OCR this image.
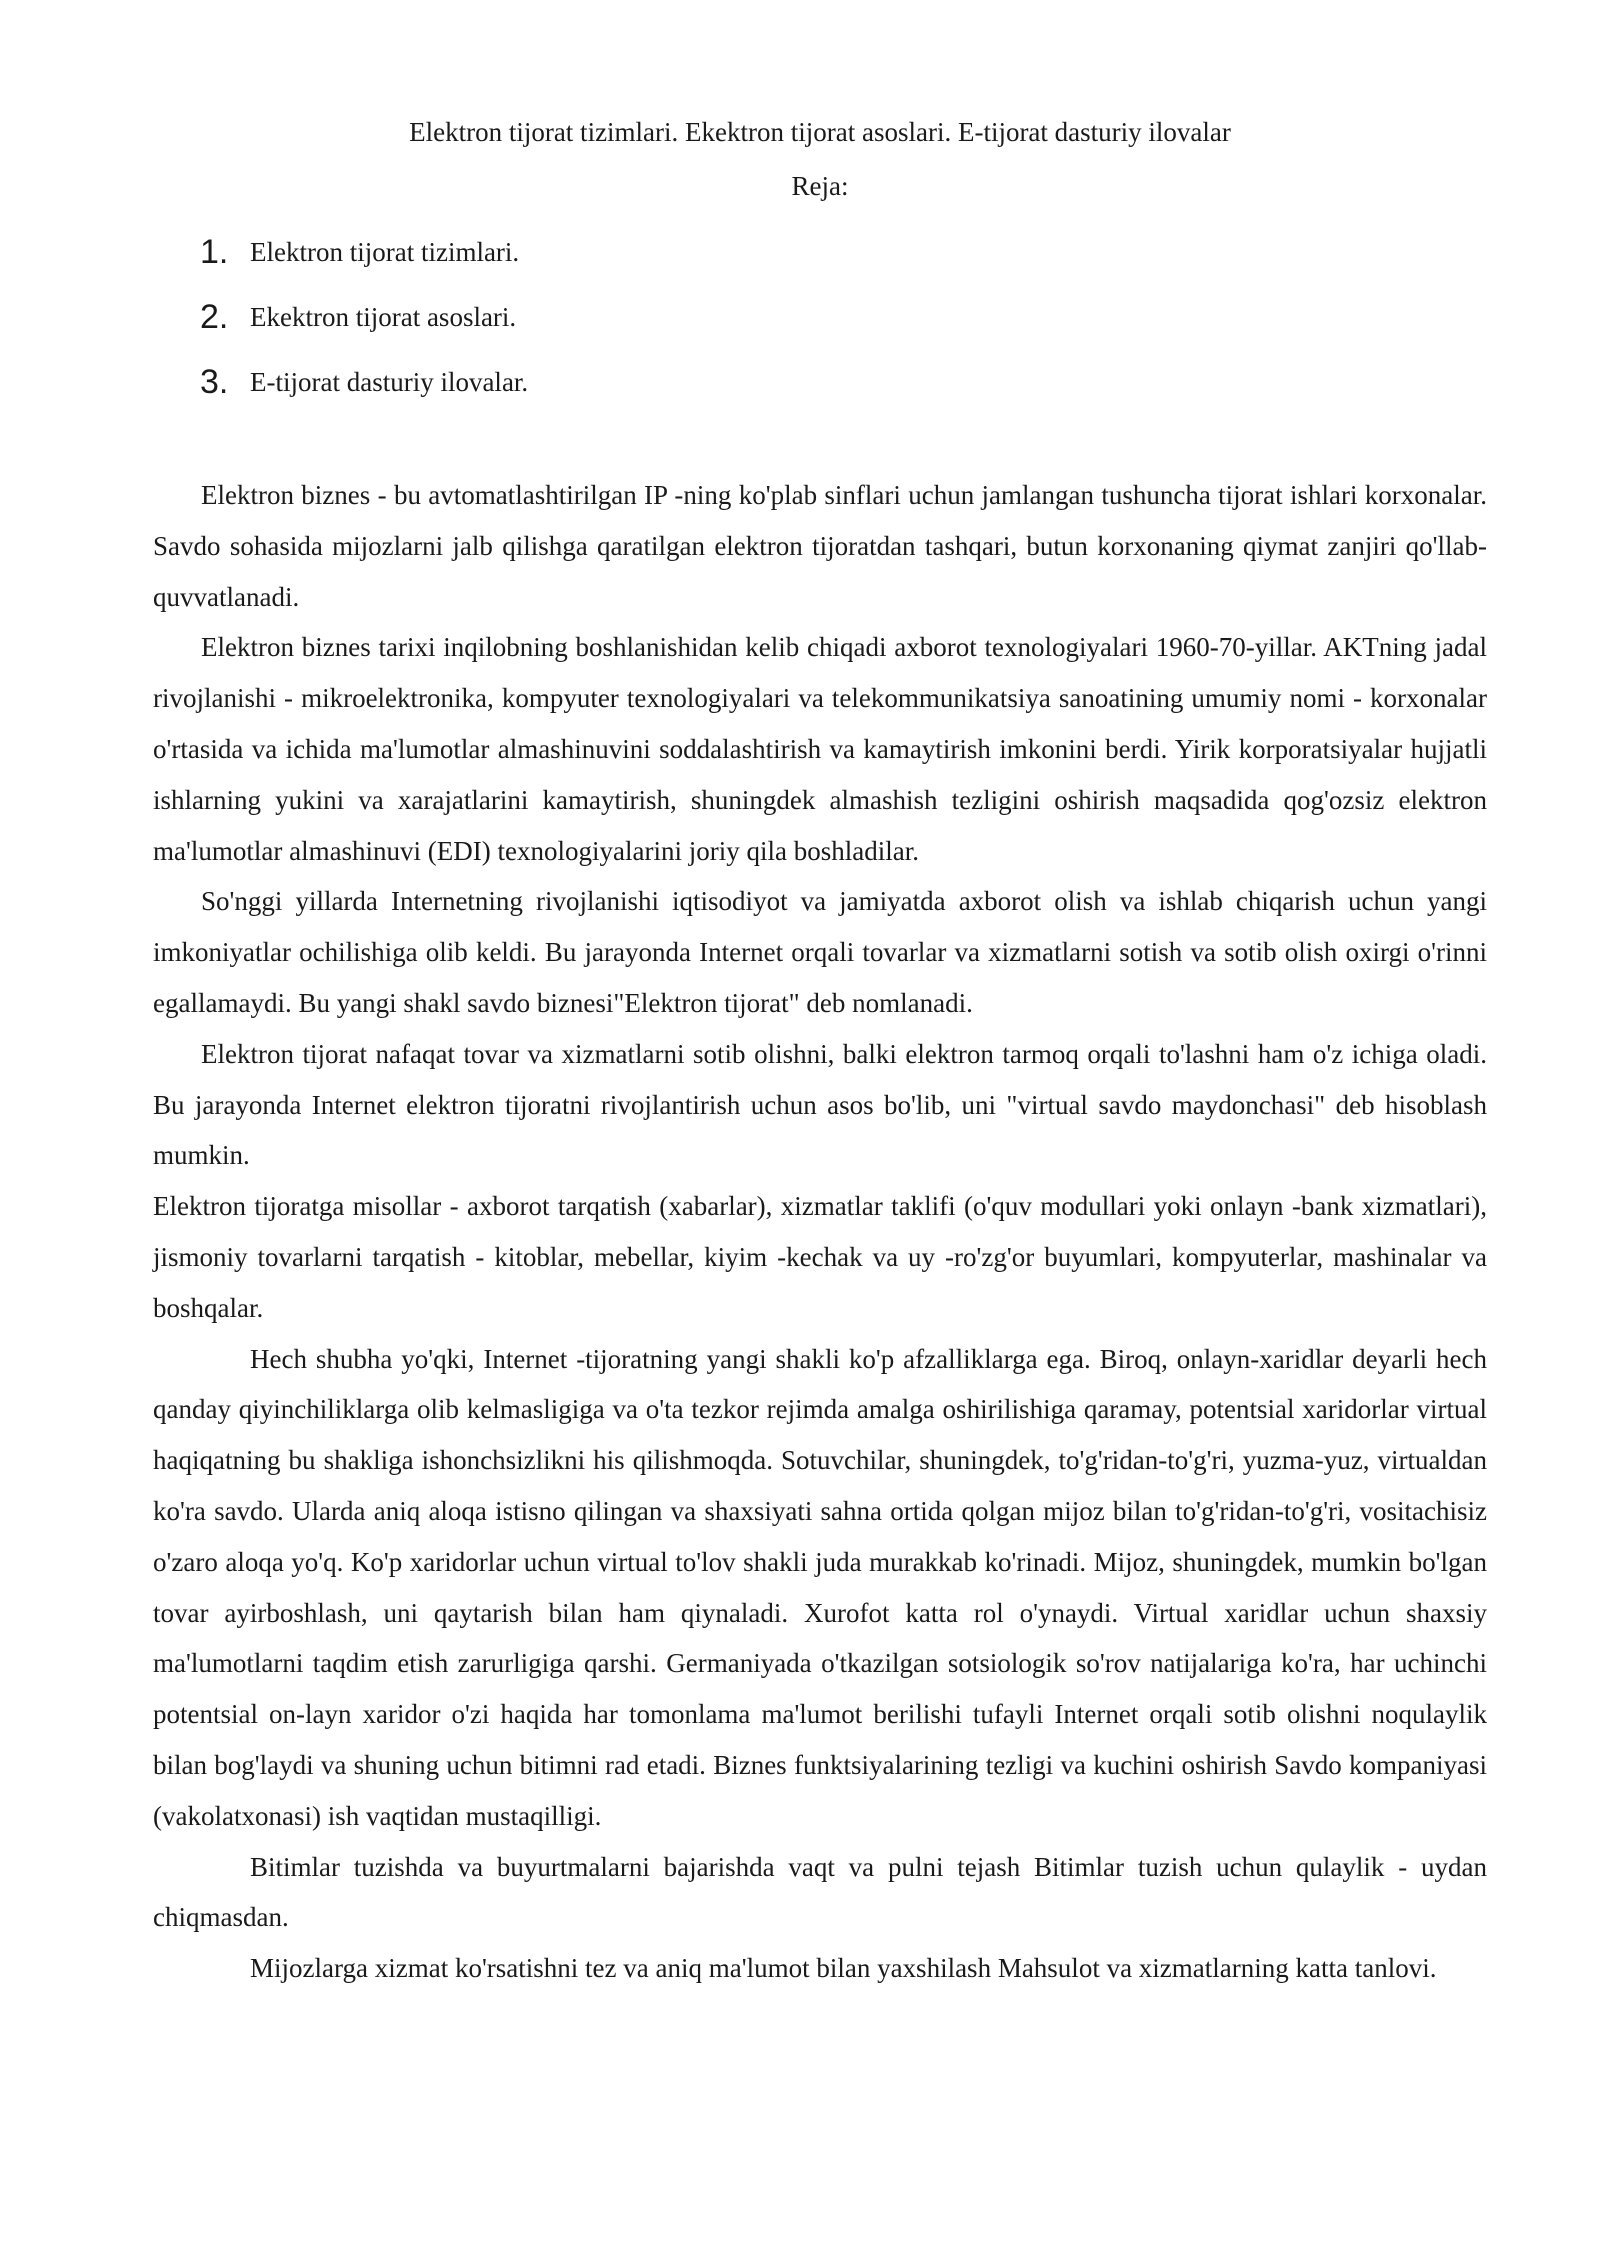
Elektron tijorat tizimlari. Ekektron tijorat asoslari. E-tijorat dasturiy ilovalar
Reja:
1. Elektron tijorat tizimlari.
2. Ekektron tijorat asoslari.
3. E-tijorat dasturiy ilovalar.

Elektron biznes - bu avtomatlashtirilgan IP -ning ko'plab sinflari uchun jamlangan tushuncha tijorat ishlari korxonalar. Savdo sohasida mijozlarni jalb qilishga qaratilgan elektron tijoratdan tashqari, butun korxonaning qiymat zanjiri qo'llab-quvvatlanadi.

Elektron biznes tarixi inqilobning boshlanishidan kelib chiqadi axborot texnologiyalari 1960-70-yillar. AKTning jadal rivojlanishi - mikroelektronika, kompyuter texnologiyalari va telekommunikatsiya sanoatining umumiy nomi - korxonalar o'rtasida va ichida ma'lumotlar almashinuvini soddalashtirish va kamaytirish imkonini berdi. Yirik korporatsiyalar hujjatli ishlarning yukini va xarajatlarini kamaytirish, shuningdek almashish tezligini oshirish maqsadida qog'ozsiz elektron ma'lumotlar almashinuvi (EDI) texnologiyalarini joriy qila boshladilar.

So'nggi yillarda Internetning rivojlanishi iqtisodiyot va jamiyatda axborot olish va ishlab chiqarish uchun yangi imkoniyatlar ochilishiga olib keldi. Bu jarayonda Internet orqali tovarlar va xizmatlarni sotish va sotib olish oxirgi o'rinni egallamaydi. Bu yangi shakl savdo biznesi"Elektron tijorat" deb nomlanadi.

Elektron tijorat nafaqat tovar va xizmatlarni sotib olishni, balki elektron tarmoq orqali to'lashni ham o'z ichiga oladi. Bu jarayonda Internet elektron tijoratni rivojlantirish uchun asos bo'lib, uni "virtual savdo maydonchasi" deb hisoblash mumkin.

Elektron tijoratga misollar - axborot tarqatish (xabarlar), xizmatlar taklifi (o'quv modullari yoki onlayn -bank xizmatlari), jismoniy tovarlarni tarqatish - kitoblar, mebellar, kiyim -kechak va uy -ro'zg'or buyumlari, kompyuterlar, mashinalar va boshqalar.

Hech shubha yo'qki, Internet -tijoratning yangi shakli ko'p afzalliklarga ega. Biroq, onlayn-xaridlar deyarli hech qanday qiyinchiliklarga olib kelmasligiga va o'ta tezkor rejimda amalga oshirilishiga qaramay, potentsial xaridorlar virtual haqiqatning bu shakliga ishonchsizlikni his qilishmoqda. Sotuvchilar, shuningdek, to'g'ridan-to'g'ri, yuzma-yuz, virtualdan ko'ra savdo. Ularda aniq aloqa istisno qilingan va shaxsiyati sahna ortida qolgan mijoz bilan to'g'ridan-to'g'ri, vositachisiz o'zaro aloqa yo'q. Ko'p xaridorlar uchun virtual to'lov shakli juda murakkab ko'rinadi. Mijoz, shuningdek, mumkin bo'lgan tovar ayirboshlash, uni qaytarish bilan ham qiynaladi. Xurofot katta rol o'ynaydi. Virtual xaridlar uchun shaxsiy ma'lumotlarni taqdim etish zarurligiga qarshi. Germaniyada o'tkazilgan sotsiologik so'rov natijalariga ko'ra, har uchinchi potentsial on-layn xaridor o'zi haqida har tomonlama ma'lumot berilishi tufayli Internet orqali sotib olishni noqulaylik bilan bog'laydi va shuning uchun bitimni rad etadi. Biznes funktsiyalarining tezligi va kuchini oshirish Savdo kompaniyasi (vakolatxonasi) ish vaqtidan mustaqilligi.

Bitimlar tuzishda va buyurtmalarni bajarishda vaqt va pulni tejash Bitimlar tuzish uchun qulaylik - uydan chiqmasdan.

Mijozlarga xizmat ko'rsatishni tez va aniq ma'lumot bilan yaxshilash Mahsulot va xizmatlarning katta tanlovi.
